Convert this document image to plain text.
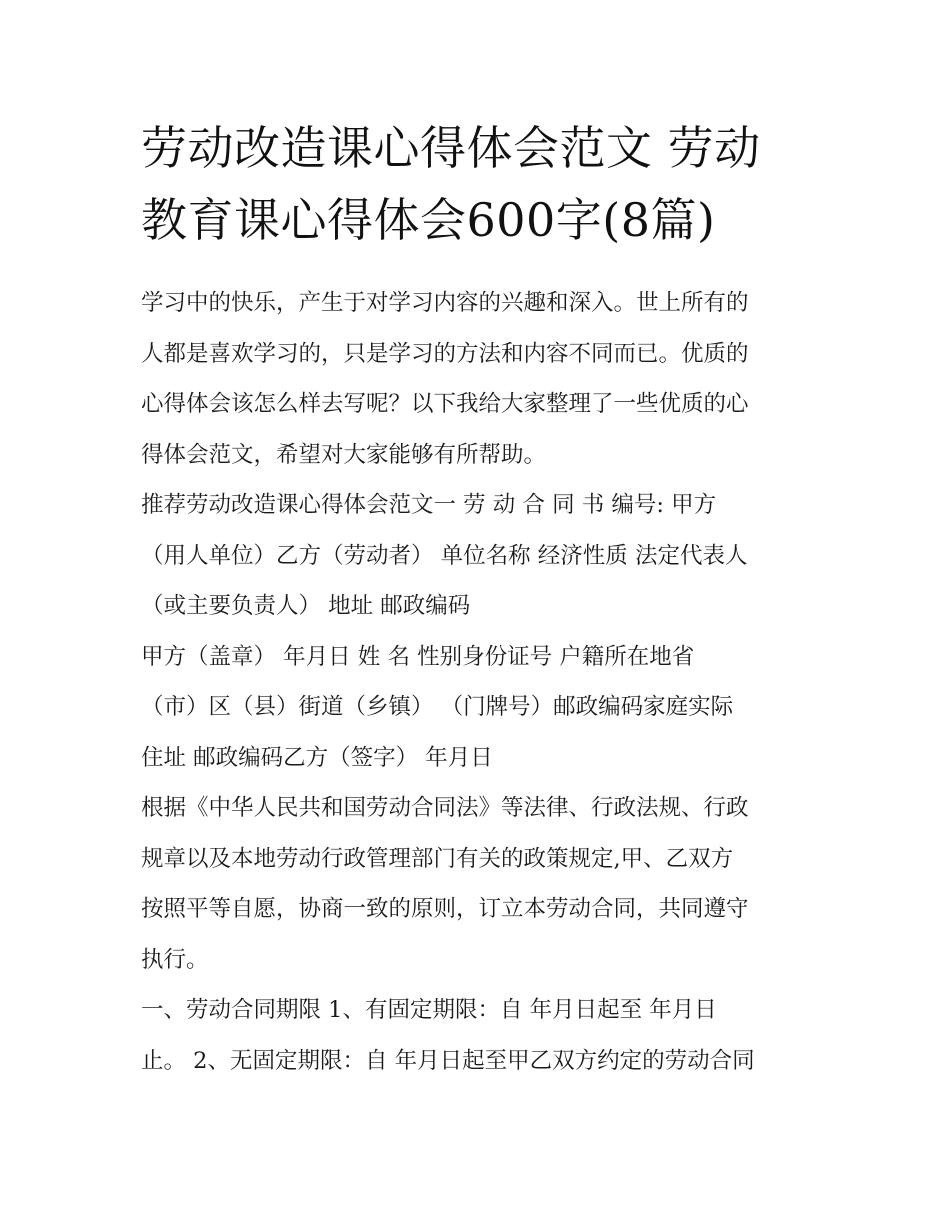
劳动改造课心得体会范文 劳动
教育课心得体会600字(8篇)
学习中的快乐，产生于对学习内容的兴趣和深入。世上所有的
人都是喜欢学习的，只是学习的方法和内容不同而已。优质的
心得体会该怎么样去写呢？以下我给大家整理了一些优质的心
得体会范文，希望对大家能够有所帮助。
推荐劳动改造课心得体会范文一 劳 动 合 同 书 编号: 甲方
（用人单位）乙方（劳动者） 单位名称 经济性质 法定代表人
（或主要负责人） 地址 邮政编码
甲方（盖章） 年月日 姓 名 性别身份证号 户籍所在地省
（市）区（县）街道（乡镇） （门牌号）邮政编码家庭实际
住址 邮政编码乙方（签字） 年月日
根据《中华人民共和国劳动合同法》等法律、行政法规、行政
规章以及本地劳动行政管理部门有关的政策规定,甲、乙双方
按照平等自愿，协商一致的原则，订立本劳动合同，共同遵守
执行。
一、劳动合同期限 1、有固定期限：自 年月日起至 年月日
止。 2、无固定期限：自 年月日起至甲乙双方约定的劳动合同
